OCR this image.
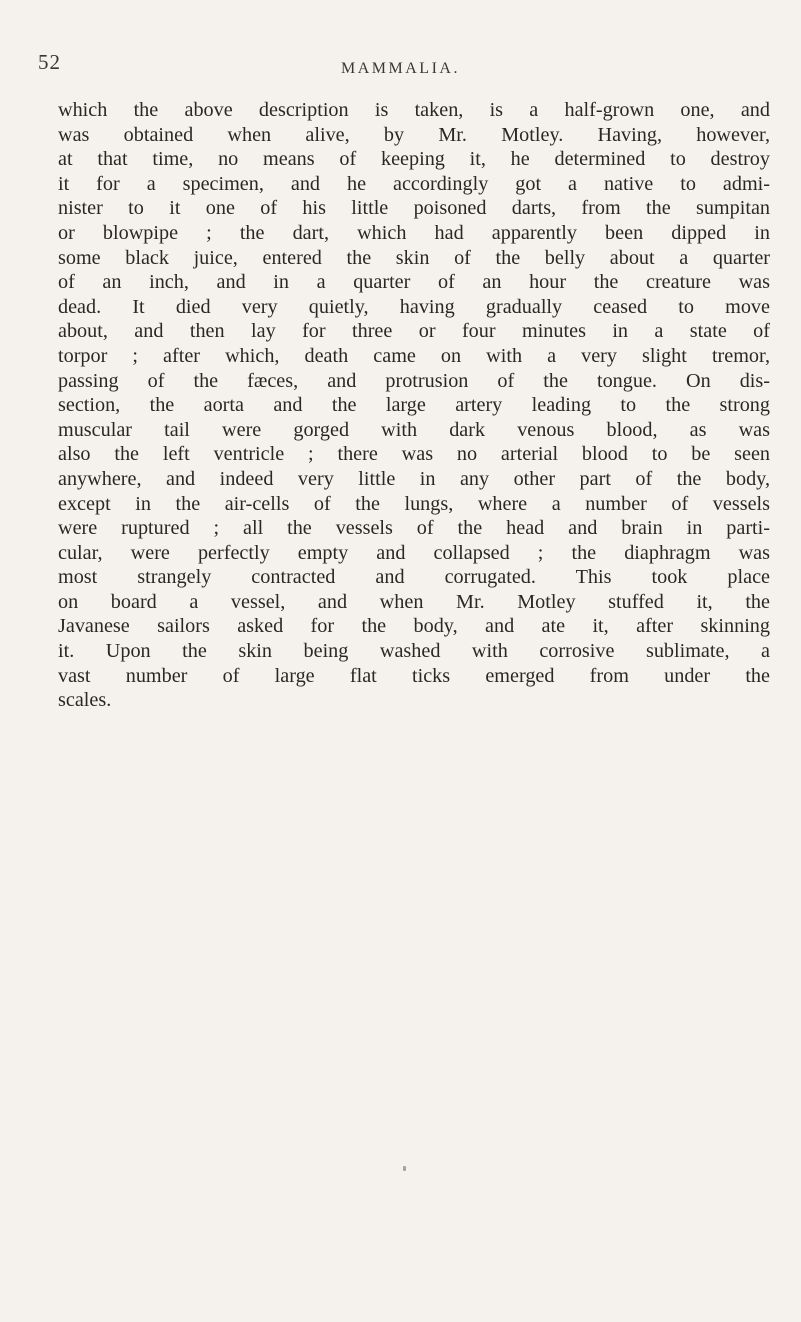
52	MAMMALIA.

which the above description is taken, is a half-grown one, and
was obtained when alive, by Mr. Motley. Having, however,
at that time, no means of keeping it, he determined to destroy
it for a specimen, and he accordingly got a native to admi-
nister to it one of his little poisoned darts, from the sumpitan
or blowpipe ; the dart, which had apparently been dipped in
some black juice, entered the skin of the belly about a quarter
of an inch, and in a quarter of an hour the creature was
dead. It died very quietly, having gradually ceased to move
about, and then lay for three or four minutes in a state of
torpor ; after which, death came on with a very slight tremor,
passing of the fæces, and protrusion of the tongue. On dis-
section, the aorta and the large artery leading to the strong
muscular tail were gorged with dark venous blood, as was
also the left ventricle ; there was no arterial blood to be seen
anywhere, and indeed very little in any other part of the body,
except in the air-cells of the lungs, where a number of vessels
were ruptured ; all the vessels of the head and brain in parti-
cular, were perfectly empty and collapsed ; the diaphragm was
most strangely contracted and corrugated. This took place
on board a vessel, and when Mr. Motley stuffed it, the
Javanese sailors asked for the body, and ate it, after skinning
it. Upon the skin being washed with corrosive sublimate, a
vast number of large flat ticks emerged from under the
scales.
